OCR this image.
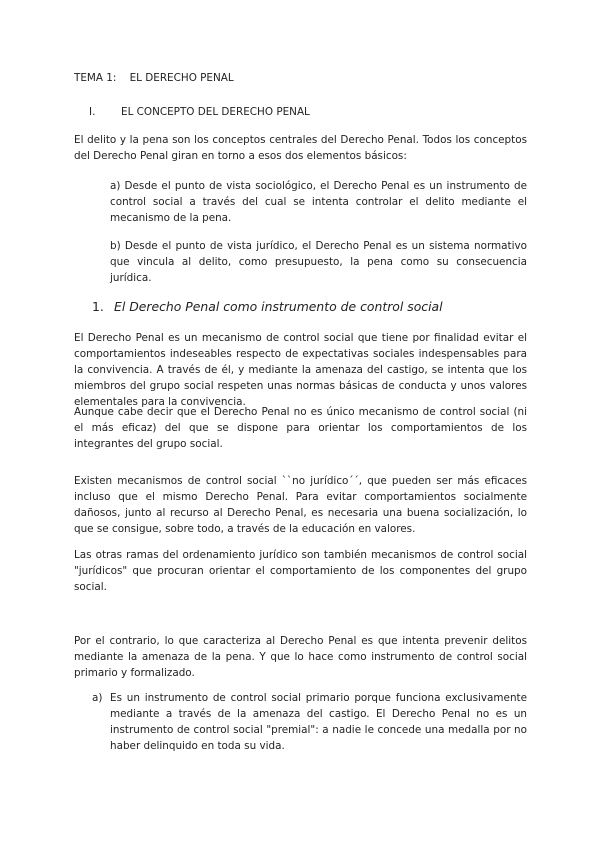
TEMA 1:    EL DERECHO PENAL
I. EL CONCEPTO DEL DERECHO PENAL
El delito y la pena son los conceptos centrales del Derecho Penal. Todos los conceptos del Derecho Penal giran en torno a esos dos elementos básicos:
a) Desde el punto de vista sociológico, el Derecho Penal es un instrumento de control social a través del cual se intenta controlar el delito mediante el mecanismo de la pena.
b) Desde el punto de vista jurídico, el Derecho Penal es un sistema normativo que vincula al delito, como presupuesto, la pena como su consecuencia jurídica.
1. El Derecho Penal como instrumento de control social
El Derecho Penal es un mecanismo de control social que tiene por finalidad evitar el comportamientos indeseables respecto de expectativas sociales indespensables para la convivencia. A través de él, y mediante la amenaza del castigo, se intenta que los miembros del grupo social respeten unas normas básicas de conducta y unos valores elementales para la convivencia.
Aunque cabe decir que el Derecho Penal no es único mecanismo de control social (ni el más eficaz) del que se dispone para orientar los comportamientos de los integrantes del grupo social.
Existen mecanismos de control social ``no jurídico´´, que pueden ser más eficaces incluso que el mismo Derecho Penal. Para evitar comportamientos socialmente dañosos, junto al recurso al Derecho Penal, es necesaria una buena socialización, lo que se consigue, sobre todo, a través de la educación en valores.
Las otras ramas del ordenamiento jurídico son también mecanismos de control social "jurídicos" que procuran orientar el comportamiento de los componentes del grupo social.
Por el contrario, lo que caracteriza al Derecho Penal es que intenta prevenir delitos mediante la amenaza de la pena. Y que lo hace como instrumento de control social primario y formalizado.
a) Es un instrumento de control social primario porque funciona exclusivamente mediante a través de la amenaza del castigo. El Derecho Penal no es un instrumento de control social "premial": a nadie le concede una medalla por no haber delinquido en toda su vida.
